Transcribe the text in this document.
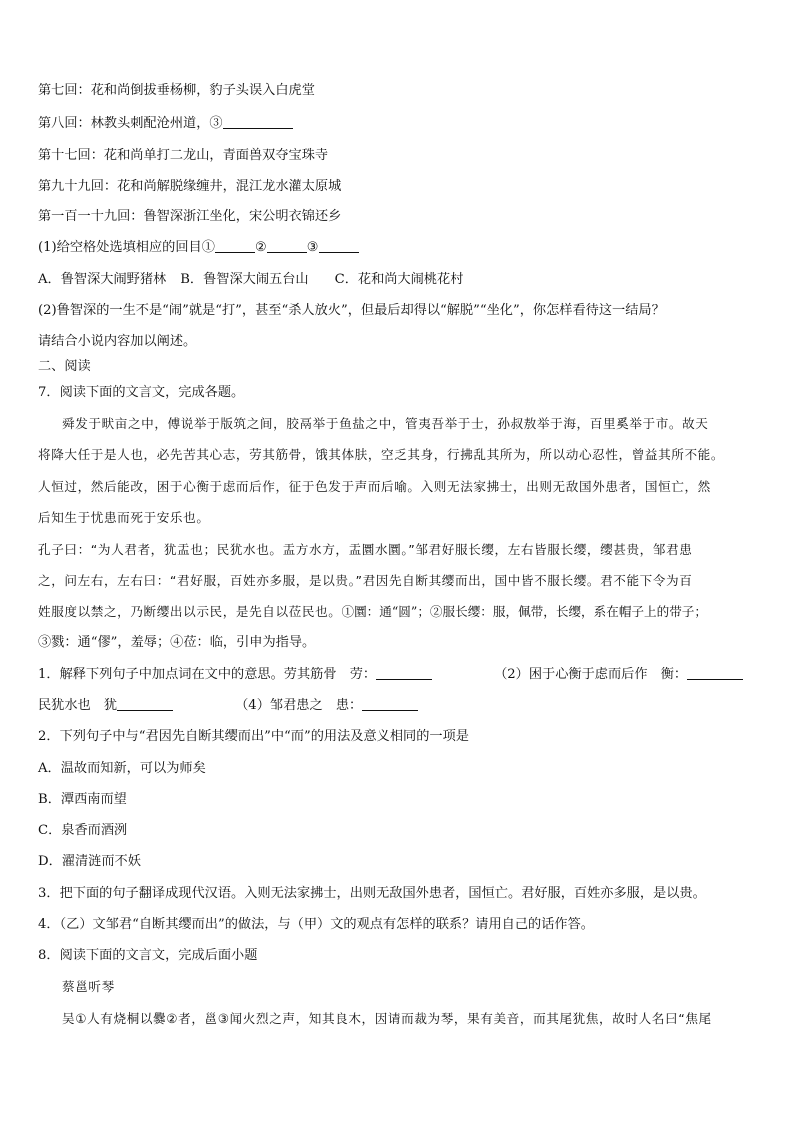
第七回：花和尚倒拔垂杨柳，豹子头误入白虎堂
第八回：林教头刺配沧州道，③
第十七回：花和尚单打二龙山，青面兽双夺宝珠寺
第九十九回：花和尚解脱缘缠井，混江龙水灌太原城
第一百一十九回：鲁智深浙江坐化，宋公明衣锦还乡
(1)给空格处选填相应的回目①	②	③
A．鲁智深大闹野猪林 B．鲁智深大闹五台山 C．花和尚大闹桃花村
(2)鲁智深的一生不是“闹”就是“打”，甚至“杀人放火”，但最后却得以“解脱”“坐化”，你怎样看待这一结局？
请结合小说内容加以阐述。
二、阅读
7．阅读下面的文言文，完成各题。
舜发于畎亩之中，傅说举于版筑之间，胶鬲举于鱼盐之中，管夷吾举于士，孙叔敖举于海，百里奚举于市。故天
将降大任于是人也，必先苦其心志，劳其筋骨，饿其体肤，空乏其身，行拂乱其所为，所以动心忍性，曾益其所不能。
人恒过，然后能改，困于心衡于虑而后作，征于色发于声而后喻。入则无法家拂士，出则无敌国外患者，国恒亡，然
后知生于忧患而死于安乐也。
孔子曰：“为人君者，犹盂也；民犹水也。盂方水方，盂圜水圜。”邹君好服长缨，左右皆服长缨，缨甚贵，邹君患
之，问左右，左右曰：“君好服，百姓亦多服，是以贵。”君因先自断其缨而出，国中皆不服长缨。君不能下令为百
姓服度以禁之，乃断缨出以示民，是先自以莅民也。①圜：通“圆”；②服长缨：服，佩带，长缨，系在帽子上的带子；
③戮：通“僇”，羞辱；④莅：临，引申为指导。
1．解释下列句子中加点词在文中的意思。劳其筋骨　劳：	（2）困于心衡于虑而后作　衡：
民犹水也　犹	（4）邹君患之　患：
2．下列句子中与“君因先自断其缨而出”中“而”的用法及意义相同的一项是
A．温故而知新，可以为师矣
B．潭西南而望
C．泉香而酒洌
D．濯清涟而不妖
3．把下面的句子翻译成现代汉语。入则无法家拂士，出则无敌国外患者，国恒亡。君好服，百姓亦多服，是以贵。
4．（乙）文邹君“自断其缨而出”的做法，与（甲）文的观点有怎样的联系？请用自己的话作答。
8．阅读下面的文言文，完成后面小题
蔡邕听琴
吴①人有烧桐以爨②者，邕③闻火烈之声，知其良木，因请而裁为琴，果有美音，而其尾犹焦，故时人名曰“焦尾
